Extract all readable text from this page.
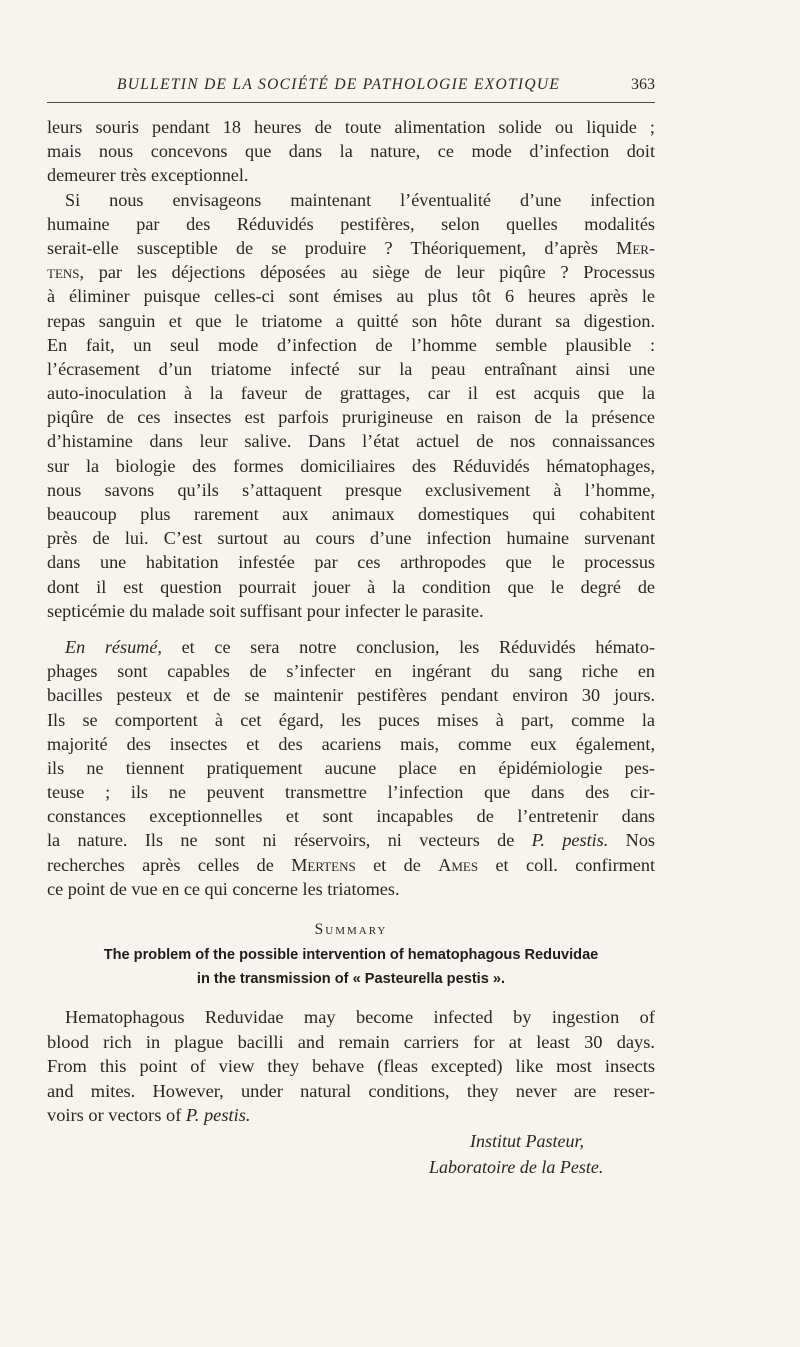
BULLETIN DE LA SOCIÉTÉ DE PATHOLOGIE EXOTIQUE	363
leurs souris pendant 18 heures de toute alimentation solide ou liquide ;
mais nous concevons que dans la nature, ce mode d’infection doit
demeurer très exceptionnel.
Si nous envisageons maintenant l’éventualité d’une infection
humaine par des Réduvidés pestifères, selon quelles modalités
serait-elle susceptible de se produire ? Théoriquement, d’après Mer-
tens, par les déjections déposées au siège de leur piqûre ? Processus
à éliminer puisque celles-ci sont émises au plus tôt 6 heures après le
repas sanguin et que le triatome a quitté son hôte durant sa digestion.
En fait, un seul mode d’infection de l’homme semble plausible :
l’écrasement d’un triatome infecté sur la peau entraînant ainsi une
auto-inoculation à la faveur de grattages, car il est acquis que la
piqûre de ces insectes est parfois prurigineuse en raison de la présence
d’histamine dans leur salive. Dans l’état actuel de nos connaissances
sur la biologie des formes domiciliaires des Réduvidés hématophages,
nous savons qu’ils s’attaquent presque exclusivement à l’homme,
beaucoup plus rarement aux animaux domestiques qui cohabitent
près de lui. C’est surtout au cours d’une infection humaine survenant
dans une habitation infestée par ces arthropodes que le processus
dont il est question pourrait jouer à la condition que le degré de
septicémie du malade soit suffisant pour infecter le parasite.
En résumé, et ce sera notre conclusion, les Réduvidés hémato-
phages sont capables de s’infecter en ingérant du sang riche en
bacilles pesteux et de se maintenir pestifères pendant environ 30 jours.
Ils se comportent à cet égard, les puces mises à part, comme la
majorité des insectes et des acariens mais, comme eux également,
ils ne tiennent pratiquement aucune place en épidémiologie pes-
teuse ; ils ne peuvent transmettre l’infection que dans des cir-
constances exceptionnelles et sont incapables de l’entretenir dans
la nature. Ils ne sont ni réservoirs, ni vecteurs de P. pestis. Nos
recherches après celles de Mertens et de Ames et coll. confirment
ce point de vue en ce qui concerne les triatomes.
Summary
The problem of the possible intervention of hematophagous Reduvidae
in the transmission of « Pasteurella pestis ».
Hematophagous Reduvidae may become infected by ingestion of
blood rich in plague bacilli and remain carriers for at least 30 days.
From this point of view they behave (fleas excepted) like most insects
and mites. However, under natural conditions, they never are reser-
voirs or vectors of P. pestis.
Institut Pasteur,
Laboratoire de la Peste.
